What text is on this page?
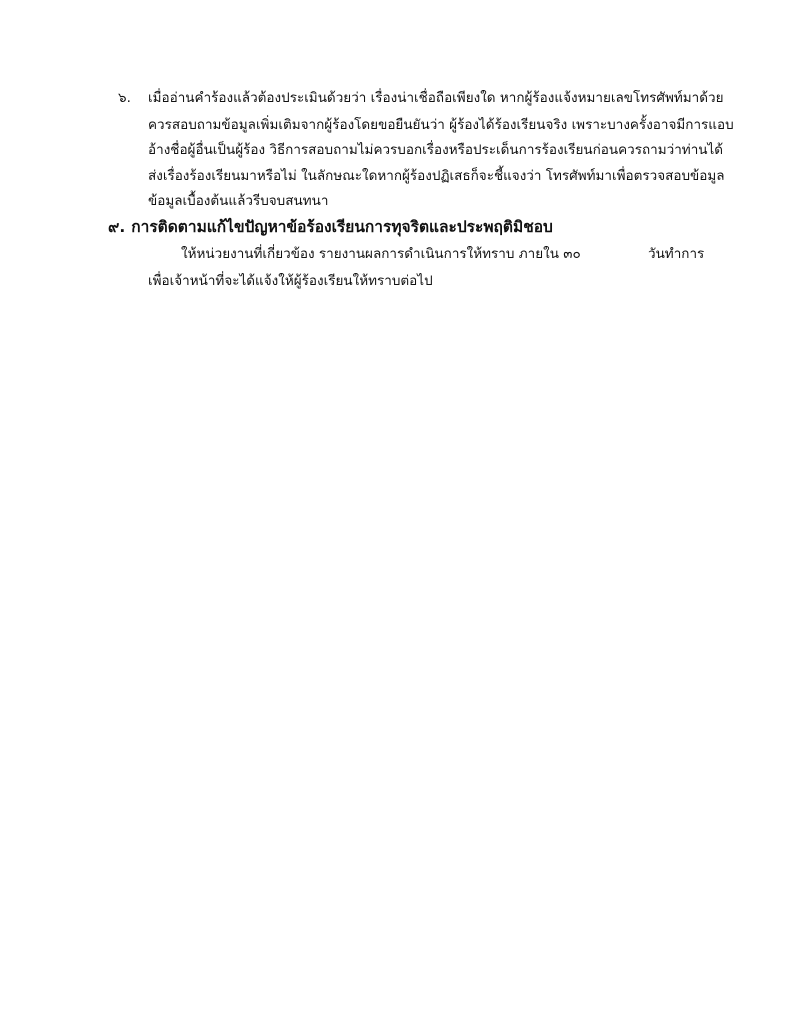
๖. เมื่ออ่านคำร้องแล้วต้องประเมินด้วยว่า เรื่องน่าเชื่อถือเพียงใด หากผู้ร้องแจ้งหมายเลขโทรศัพท์มาด้วย
ควรสอบถามข้อมูลเพิ่มเติมจากผู้ร้องโดยขอยืนยันว่า ผู้ร้องได้ร้องเรียนจริง เพราะบางครั้งอาจมีการแอบ
อ้างชื่อผู้อื่นเป็นผู้ร้อง วิธีการสอบถามไม่ควรบอกเรื่องหรือประเด็นการร้องเรียนก่อนควรถามว่าท่านได้
ส่งเรื่องร้องเรียนมาหรือไม่ ในลักษณะใดหากผู้ร้องปฏิเสธก็จะชี้แจงว่า โทรศัพท์มาเพื่อตรวจสอบข้อมูล
ข้อมูลเบื้องต้นแล้วรีบจบสนทนา
๙. การติดตามแก้ไขปัญหาข้อร้องเรียนการทุจริตและประพฤติมิชอบ
ให้หน่วยงานที่เกี่ยวข้อง รายงานผลการดำเนินการให้ทราบ ภายใน ๓๐	วันทำการ
เพื่อเจ้าหน้าที่จะได้แจ้งให้ผู้ร้องเรียนให้ทราบต่อไป
